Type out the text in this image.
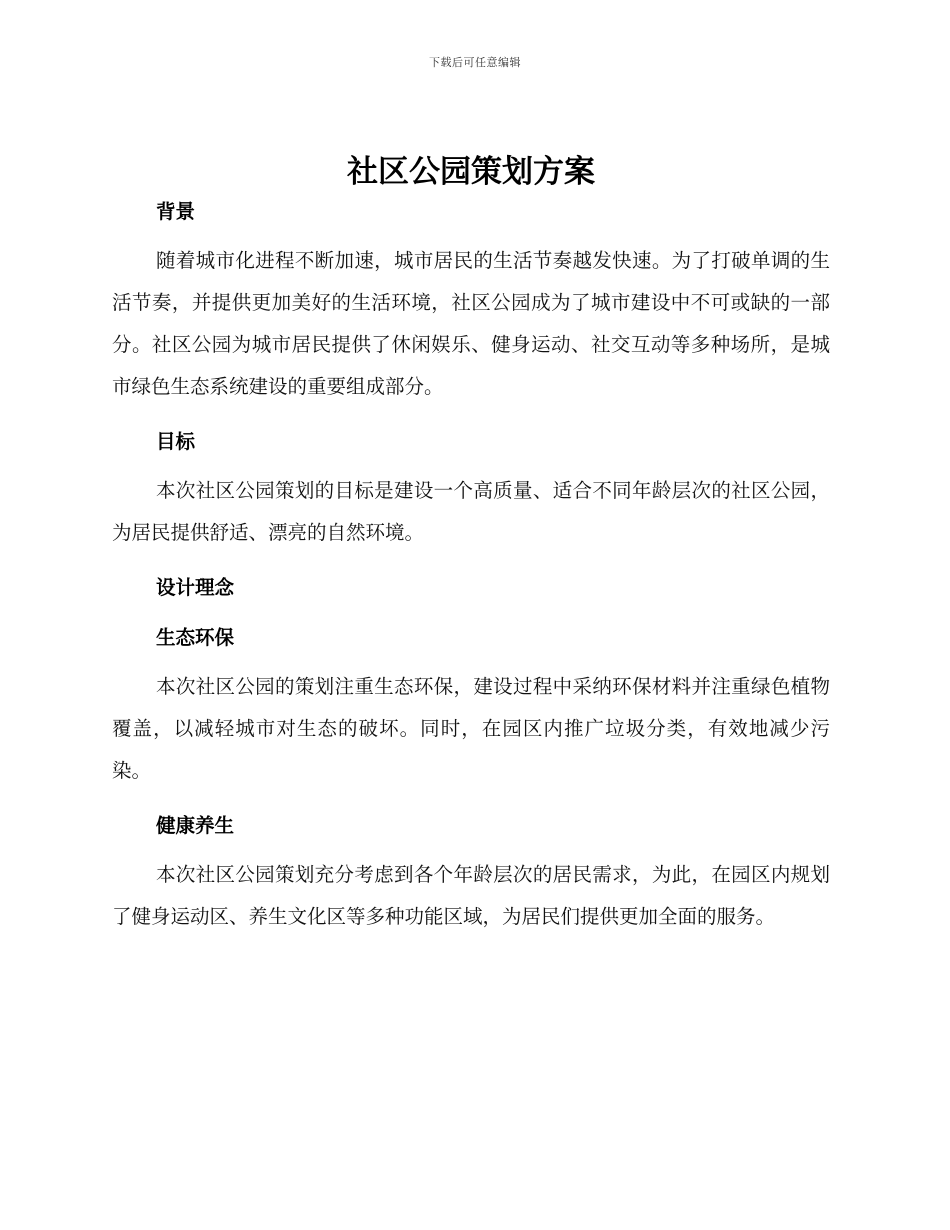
下载后可任意编辑
社区公园策划方案
背景

随着城市化进程不断加速，城市居民的生活节奏越发快速。为了打破单调的生活节奏，并提供更加美好的生活环境，社区公园成为了城市建设中不可或缺的一部分。社区公园为城市居民提供了休闲娱乐、健身运动、社交互动等多种场所，是城市绿色生态系统建设的重要组成部分。

目标

本次社区公园策划的目标是建设一个高质量、适合不同年龄层次的社区公园，为居民提供舒适、漂亮的自然环境。

设计理念
生态环保

本次社区公园的策划注重生态环保，建设过程中采纳环保材料并注重绿色植物覆盖，以减轻城市对生态的破坏。同时，在园区内推广垃圾分类，有效地减少污染。

健康养生

本次社区公园策划充分考虑到各个年龄层次的居民需求，为此，在园区内规划了健身运动区、养生文化区等多种功能区域，为居民们提供更加全面的服务。
